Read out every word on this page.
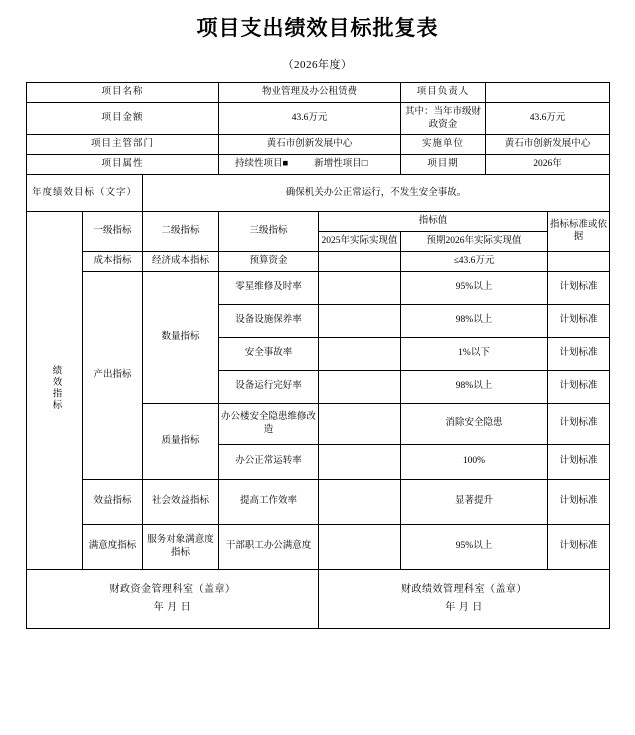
项目支出绩效目标批复表
（2026年度）
项目名称			物业管理及办公租赁费		项目负责人		
项目金额			43.6万元		其中：当年市级财政资金	43.6万元	
项目主管部门			黄石市创新发展中心		实施单位	黄石市创新发展中心	
项目属性			持续性项目■ 新增性项目□		项目期	2026年	
年度绩效目标（文字）		确保机关办公正常运行，不发生安全事故。					
绩效指标	一级指标	二级指标	三级指标	指标值			指标标准或依据
				2025年实际实现值	预期2026年实际实现值		
	成本指标	经济成本指标	预算资金		≤43.6万元		
	产出指标	数量指标	零星维修及时率		95%以上		计划标准
			设备设施保养率		98%以上		计划标准
			安全事故率		1%以下		计划标准
			设备运行完好率		98%以上		计划标准
		质量指标	办公楼安全隐患维修改造		消除安全隐患		计划标准
			办公正常运转率		100%		计划标准
	效益指标	社会效益指标	提高工作效率		显著提升		计划标准
	满意度指标	服务对象满意度指标	干部职工办公满意度		95%以上		计划标准

财政资金管理科室（盖章）
年 月 日

财政绩效管理科室（盖章）
年 月 日
